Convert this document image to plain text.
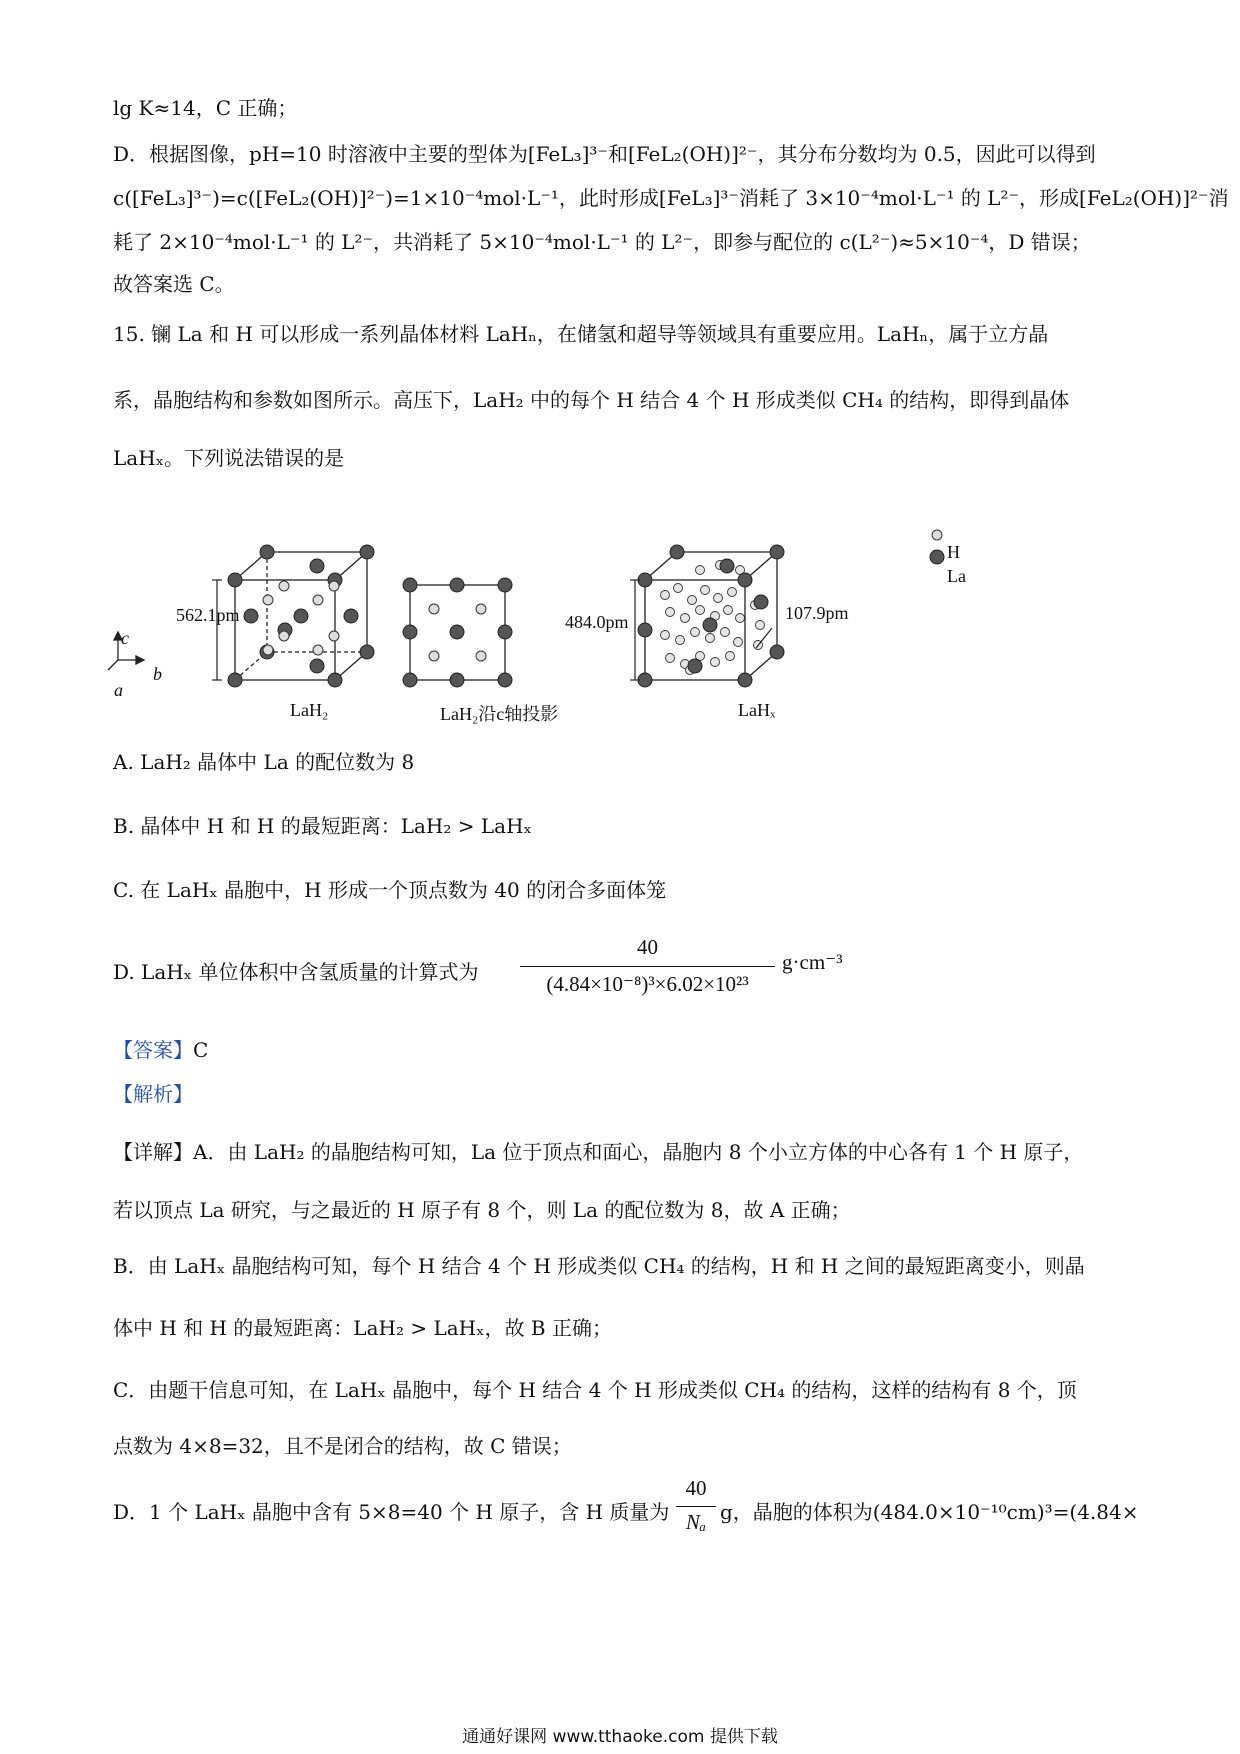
lg K≈14，C 正确；
D．根据图像，pH=10 时溶液中主要的型体为[FeL₃]³⁻和[FeL₂(OH)]²⁻，其分布分数均为 0.5，因此可以得到
c([FeL₃]³⁻)=c([FeL₂(OH)]²⁻)=1×10⁻⁴mol·L⁻¹，此时形成[FeL₃]³⁻消耗了 3×10⁻⁴mol·L⁻¹ 的 L²⁻，形成[FeL₂(OH)]²⁻消
耗了 2×10⁻⁴mol·L⁻¹ 的 L²⁻，共消耗了 5×10⁻⁴mol·L⁻¹ 的 L²⁻，即参与配位的 c(L²⁻)≈5×10⁻⁴，D 错误；
故答案选 C。
15. 镧 La 和 H 可以形成一系列晶体材料 LaHₙ，在储氢和超导等领域具有重要应用。LaHₙ，属于立方晶
系，晶胞结构和参数如图所示。高压下，LaH₂ 中的每个 H 结合 4 个 H 形成类似 CH₄ 的结构，即得到晶体
LaHₓ。下列说法错误的是
562.1pm
LaH₂	LaH₂沿c轴投影
484.0pm	107.9pm
LaHₓ
c
b
a
H
La
A. LaH₂ 晶体中 La 的配位数为 8
B. 晶体中 H 和 H 的最短距离：LaH₂ > LaHₓ
C. 在 LaHₓ 晶胞中，H 形成一个顶点数为 40 的闭合多面体笼
D. LaHₓ 单位体积中含氢质量的计算式为
40
(4.84×10⁻⁸)³×6.02×10²³
g·cm⁻³
【答案】C
【解析】
【详解】A．由 LaH₂ 的晶胞结构可知，La 位于顶点和面心，晶胞内 8 个小立方体的中心各有 1 个 H 原子，
若以顶点 La 研究，与之最近的 H 原子有 8 个，则 La 的配位数为 8，故 A 正确；
B．由 LaHₓ 晶胞结构可知，每个 H 结合 4 个 H 形成类似 CH₄ 的结构，H 和 H 之间的最短距离变小，则晶
体中 H 和 H 的最短距离：LaH₂ > LaHₓ，故 B 正确；
C．由题干信息可知，在 LaHₓ 晶胞中，每个 H 结合 4 个 H 形成类似 CH₄ 的结构，这样的结构有 8 个，顶
点数为 4×8=32，且不是闭合的结构，故 C 错误；
D．1 个 LaHₓ 晶胞中含有 5×8=40 个 H 原子，含 H 质量为
40
Nₐ g，晶胞的体积为(484.0×10⁻¹⁰cm)³=(4.84×
通通好课网 www.tthaoke.com 提供下载
